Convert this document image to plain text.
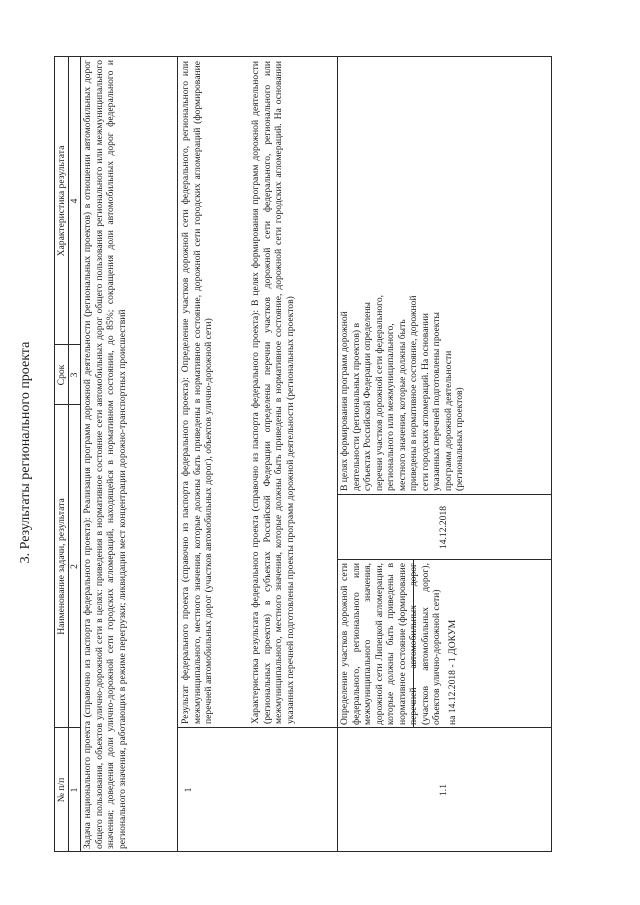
3. Результаты регионального проекта
№ п/п
Наименование задачи, результата
Срок
Характеристика результата
1
2
3
4 Задача национального проекта (справочно из паспорта федерального проекта): Реализация программ дорожной деятельности (региональных проектов) в отношении автомобильных дорог общего пользования, объектов улично-дорожной сети в целях: приведения в нормативное состояние сети автомобильных дорог общего пользования регионального или межмуниципального значения; доведения доли улично-дорожной сети городских агломераций, находящейся в нормативном состоянии, до 85%; сокращения доли автомобильных дорог федерального и регионального значения, работающих в режиме перегрузки; ликвидации мест концентрации дорожно-транспортных происшествий	1
Результат федерального проекта (справочно из паспорта федерального проекта): Определение участков дорожной сети федерального, регионального или межмуниципального, местного значения, которые должны быть приведены в нормативное состояние, дорожной сети городских агломераций (формирование перечней автомобильных дорог (участков автомобильных дорог), объектов улично-дорожной сети)	Характеристика результата федерального проекта (справочно из паспорта федерального проекта): В целях формирования программ дорожной деятельности (региональных проектов) в субъектах Российской Федерации определены перечни участков дорожной сети федерального, регионального или межмуниципального, местного значения, которые должны быть приведены в нормативное состояние, дорожной сети городских агломераций. На основании указанных перечней подготовлены проекты программ дорожной деятельности (региональных проектов)
1.1
Определение участков дорожной сети федерального, регионального или межмуниципального значения, дорожной сети Липецкой агломерации, которые должны быть приведены в нормативное состояние (формирование перечней автомобильных дорог (участков автомобильных дорог), объектов улично-дорожной сети) на 14.12.2018 - 1 ДОКУМ
14.12.2018
В целях формирования программ дорожной деятельности (региональных проектов) в субъектах Российской Федерации определены перечни участков дорожной сети федерального, регионального или межмуниципального, местного значения, которые должны быть приведены в нормативное состояние, дорожной сети городских агломераций. На основании указанных перечней подготовлены проекты программ дорожной деятельности (региональных проектов)
